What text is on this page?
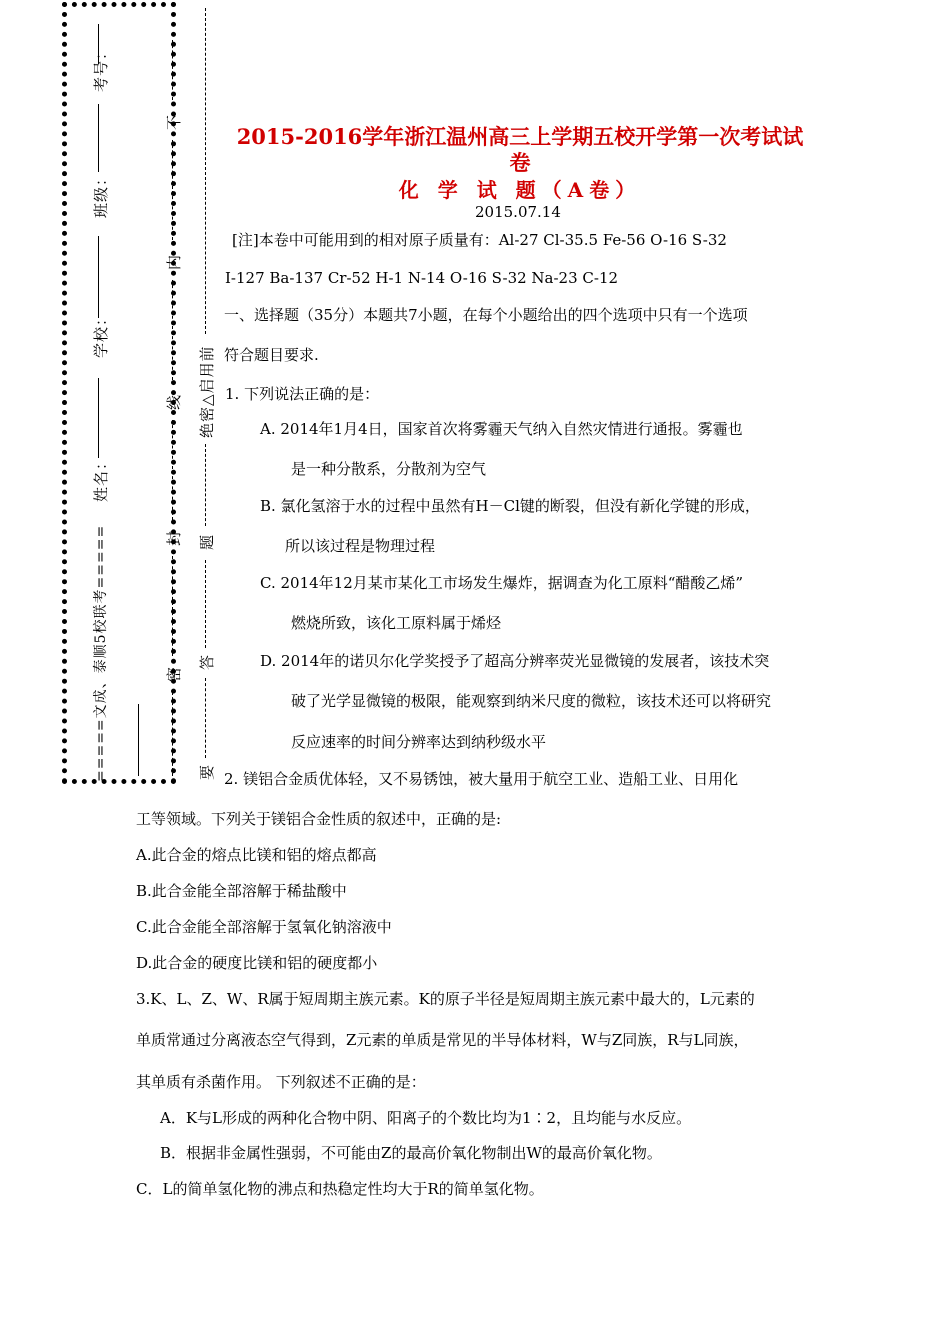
考号：
班级：
学校：
姓名：
=====文成、泰顺5校联考=====
不
内
线
封
密
绝密△启用前
题
答
要
2015-2016学年浙江温州高三上学期五校开学第一次考试试
卷
化 学 试 题（A卷）
2015.07.14
[注]本卷中可能用到的相对原子质量有：Al-27 Cl-35.5 Fe-56 O-16 S-32
I-127 Ba-137 Cr-52 H-1 N-14 O-16 S-32 Na-23 C-12
一、选择题（35分）本题共7小题，在每个小题给出的四个选项中只有一个选项
符合题目要求.
1. 下列说法正确的是：
A. 2014年1月4日，国家首次将雾霾天气纳入自然灾情进行通报。雾霾也
是一种分散系，分散剂为空气
B. 氯化氢溶于水的过程中虽然有H－Cl键的断裂，但没有新化学键的形成，
所以该过程是物理过程
C. 2014年12月某市某化工市场发生爆炸，据调查为化工原料“醋酸乙烯”
燃烧所致，该化工原料属于烯烃
D. 2014年的诺贝尔化学奖授予了超高分辨率荧光显微镜的发展者，该技术突
破了光学显微镜的极限，能观察到纳米尺度的微粒，该技术还可以将研究
反应速率的时间分辨率达到纳秒级水平
2. 镁铝合金质优体轻，又不易锈蚀，被大量用于航空工业、造船工业、日用化
工等领域。下列关于镁铝合金性质的叙述中，正确的是:
A.此合金的熔点比镁和铝的熔点都高
B.此合金能全部溶解于稀盐酸中
C.此合金能全部溶解于氢氧化钠溶液中
D.此合金的硬度比镁和铝的硬度都小
3.K、L、Z、W、R属于短周期主族元素。K的原子半径是短周期主族元素中最大的，L元素的
单质常通过分离液态空气得到，Z元素的单质是常见的半导体材料，W与Z同族，R与L同族，
其单质有杀菌作用。 下列叙述不正确的是：
A．K与L形成的两种化合物中阴、阳离子的个数比均为1∶2，且均能与水反应。
B．根据非金属性强弱，不可能由Z的最高价氧化物制出W的最高价氧化物。
C．L的简单氢化物的沸点和热稳定性均大于R的简单氢化物。
